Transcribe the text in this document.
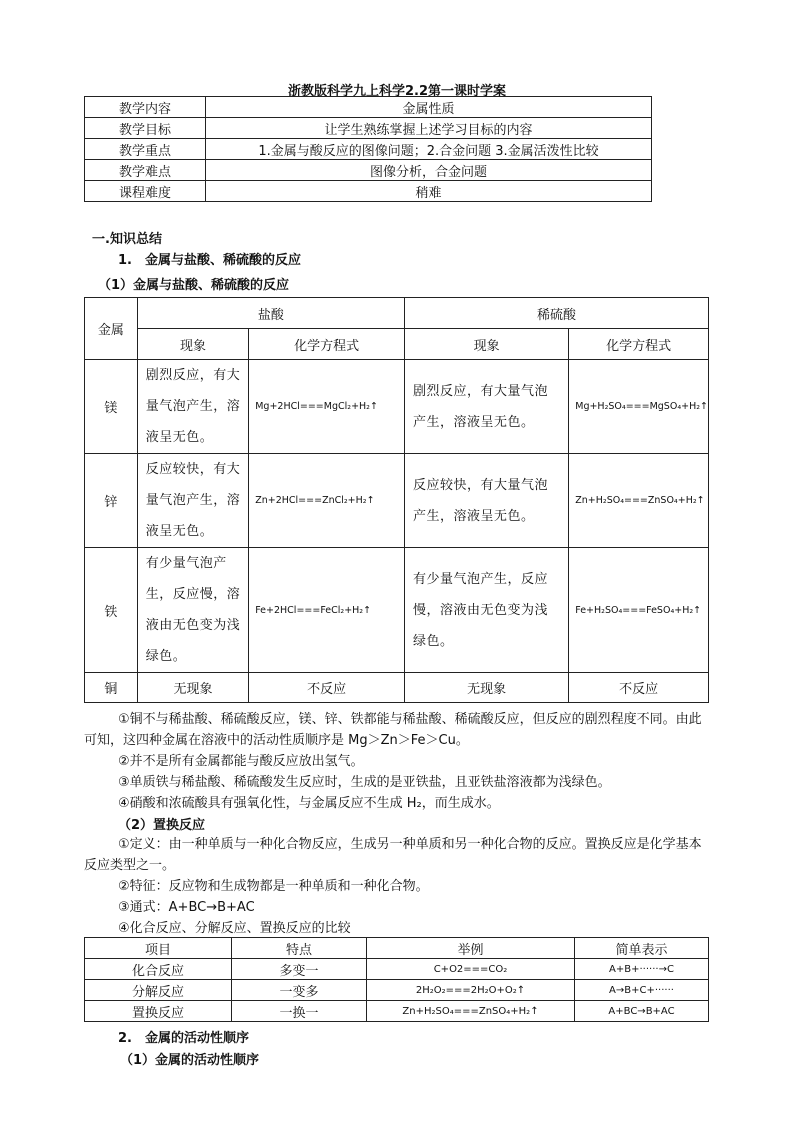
浙教版科学九上科学2.2第一课时学案
教学内容	金属性质
教学目标	让学生熟练掌握上述学习目标的内容
教学重点	1.金属与酸反应的图像问题；2.合金问题 3.金属活泼性比较
教学难点	图像分析，合金问题
课程难度	稍难
一.知识总结
1.　金属与盐酸、稀硫酸的反应
（1）金属与盐酸、稀硫酸的反应
金属	盐酸		稀硫酸	
	现象	化学方程式	现象	化学方程式
镁	剧烈反应，有大量气泡产生，溶液呈无色。	Mg+2HCl===MgCl₂+H₂↑	剧烈反应，有大量气泡产生，溶液呈无色。	Mg+H₂SO₄===MgSO₄+H₂↑
锌	反应较快，有大量气泡产生，溶液呈无色。	Zn+2HCl===ZnCl₂+H₂↑	反应较快，有大量气泡产生，溶液呈无色。	Zn+H₂SO₄===ZnSO₄+H₂↑
铁	有少量气泡产生，反应慢，溶液由无色变为浅绿色。	Fe+2HCl===FeCl₂+H₂↑	有少量气泡产生，反应慢，溶液由无色变为浅绿色。	Fe+H₂SO₄===FeSO₄+H₂↑
铜	无现象	不反应	无现象	不反应
①铜不与稀盐酸、稀硫酸反应，镁、锌、铁都能与稀盐酸、稀硫酸反应，但反应的剧烈程度不同。由此可知，这四种金属在溶液中的活动性质顺序是 Mg＞Zn＞Fe＞Cu。
②并不是所有金属都能与酸反应放出氢气。
③单质铁与稀盐酸、稀硫酸发生反应时，生成的是亚铁盐，且亚铁盐溶液都为浅绿色。
④硝酸和浓硫酸具有强氧化性，与金属反应不生成 H₂，而生成水。
（2）置换反应
①定义：由一种单质与一种化合物反应，生成另一种单质和另一种化合物的反应。置换反应是化学基本反应类型之一。
②特征：反应物和生成物都是一种单质和一种化合物。
③通式：A+BC→B+AC
④化合反应、分解反应、置换反应的比较
项目	特点	举例	简单表示
化合反应	多变一	C+O2===CO₂	A+B+······→C
分解反应	一变多	2H₂O₂===2H₂O+O₂↑	A→B+C+······
置换反应	一换一	Zn+H₂SO₄===ZnSO₄+H₂↑	A+BC→B+AC
2.　金属的活动性顺序
（1）金属的活动性顺序
